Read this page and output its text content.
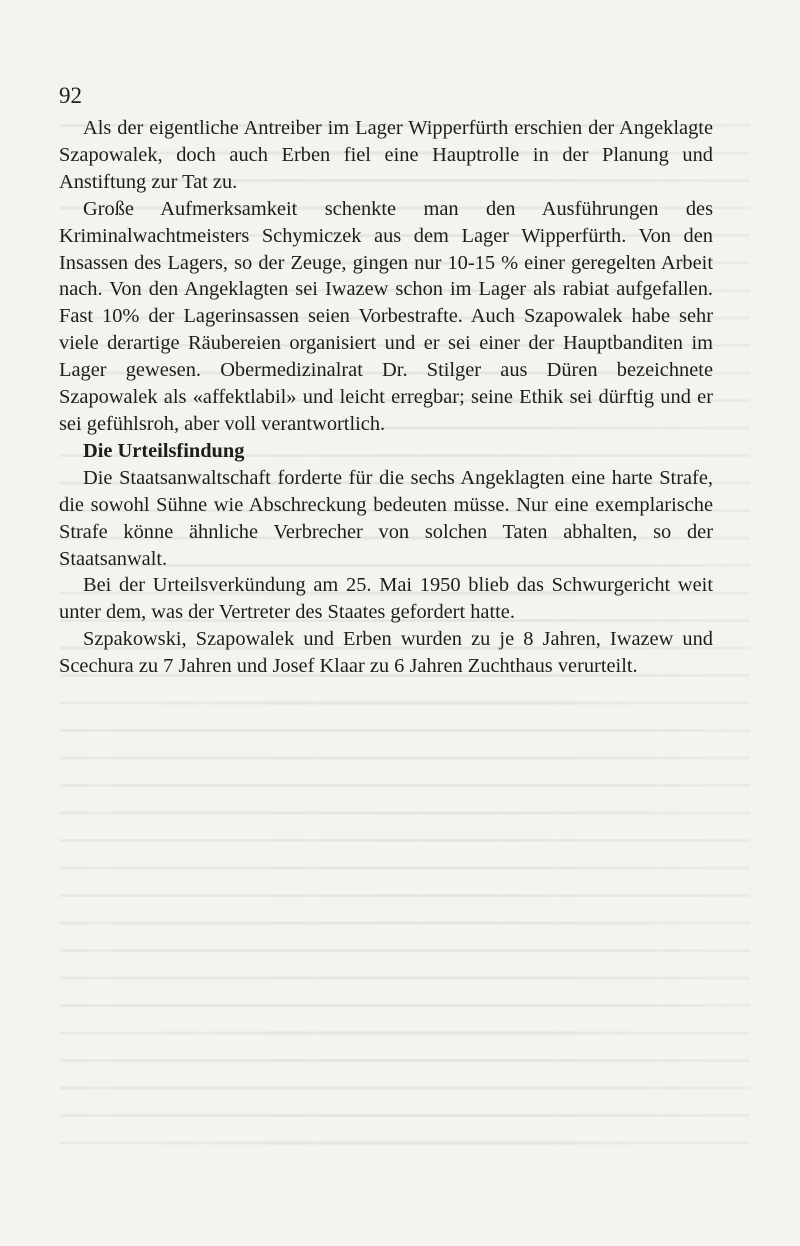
92

Als der eigentliche Antreiber im Lager Wipperfürth erschien der Angeklagte Szapowalek, doch auch Erben fiel eine Hauptrolle in der Planung und Anstiftung zur Tat zu.

Große Aufmerksamkeit schenkte man den Ausführungen des Kriminalwachtmeisters Schymiczek aus dem Lager Wipperfürth. Von den Insassen des Lagers, so der Zeuge, gingen nur 10-15 % einer geregelten Arbeit nach. Von den Angeklagten sei Iwazew schon im Lager als rabiat aufgefallen. Fast 10% der Lagerinsassen seien Vorbestrafte. Auch Szapowalek habe sehr viele derartige Räubereien organisiert und er sei einer der Hauptbanditen im Lager gewesen. Obermedizinalrat Dr. Stilger aus Düren bezeichnete Szapowalek als «affektlabil» und leicht erregbar; seine Ethik sei dürftig und er sei gefühlsroh, aber voll verantwortlich.

Die Urteilsfindung

Die Staatsanwaltschaft forderte für die sechs Angeklagten eine harte Strafe, die sowohl Sühne wie Abschreckung bedeuten müsse. Nur eine exemplarische Strafe könne ähnliche Verbrecher von solchen Taten abhalten, so der Staatsanwalt.

Bei der Urteilsverkündung am 25. Mai 1950 blieb das Schwurgericht weit unter dem, was der Vertreter des Staates gefordert hatte.

Szpakowski, Szapowalek und Erben wurden zu je 8 Jahren, Iwazew und Scechura zu 7 Jahren und Josef Klaar zu 6 Jahren Zuchthaus verurteilt.
